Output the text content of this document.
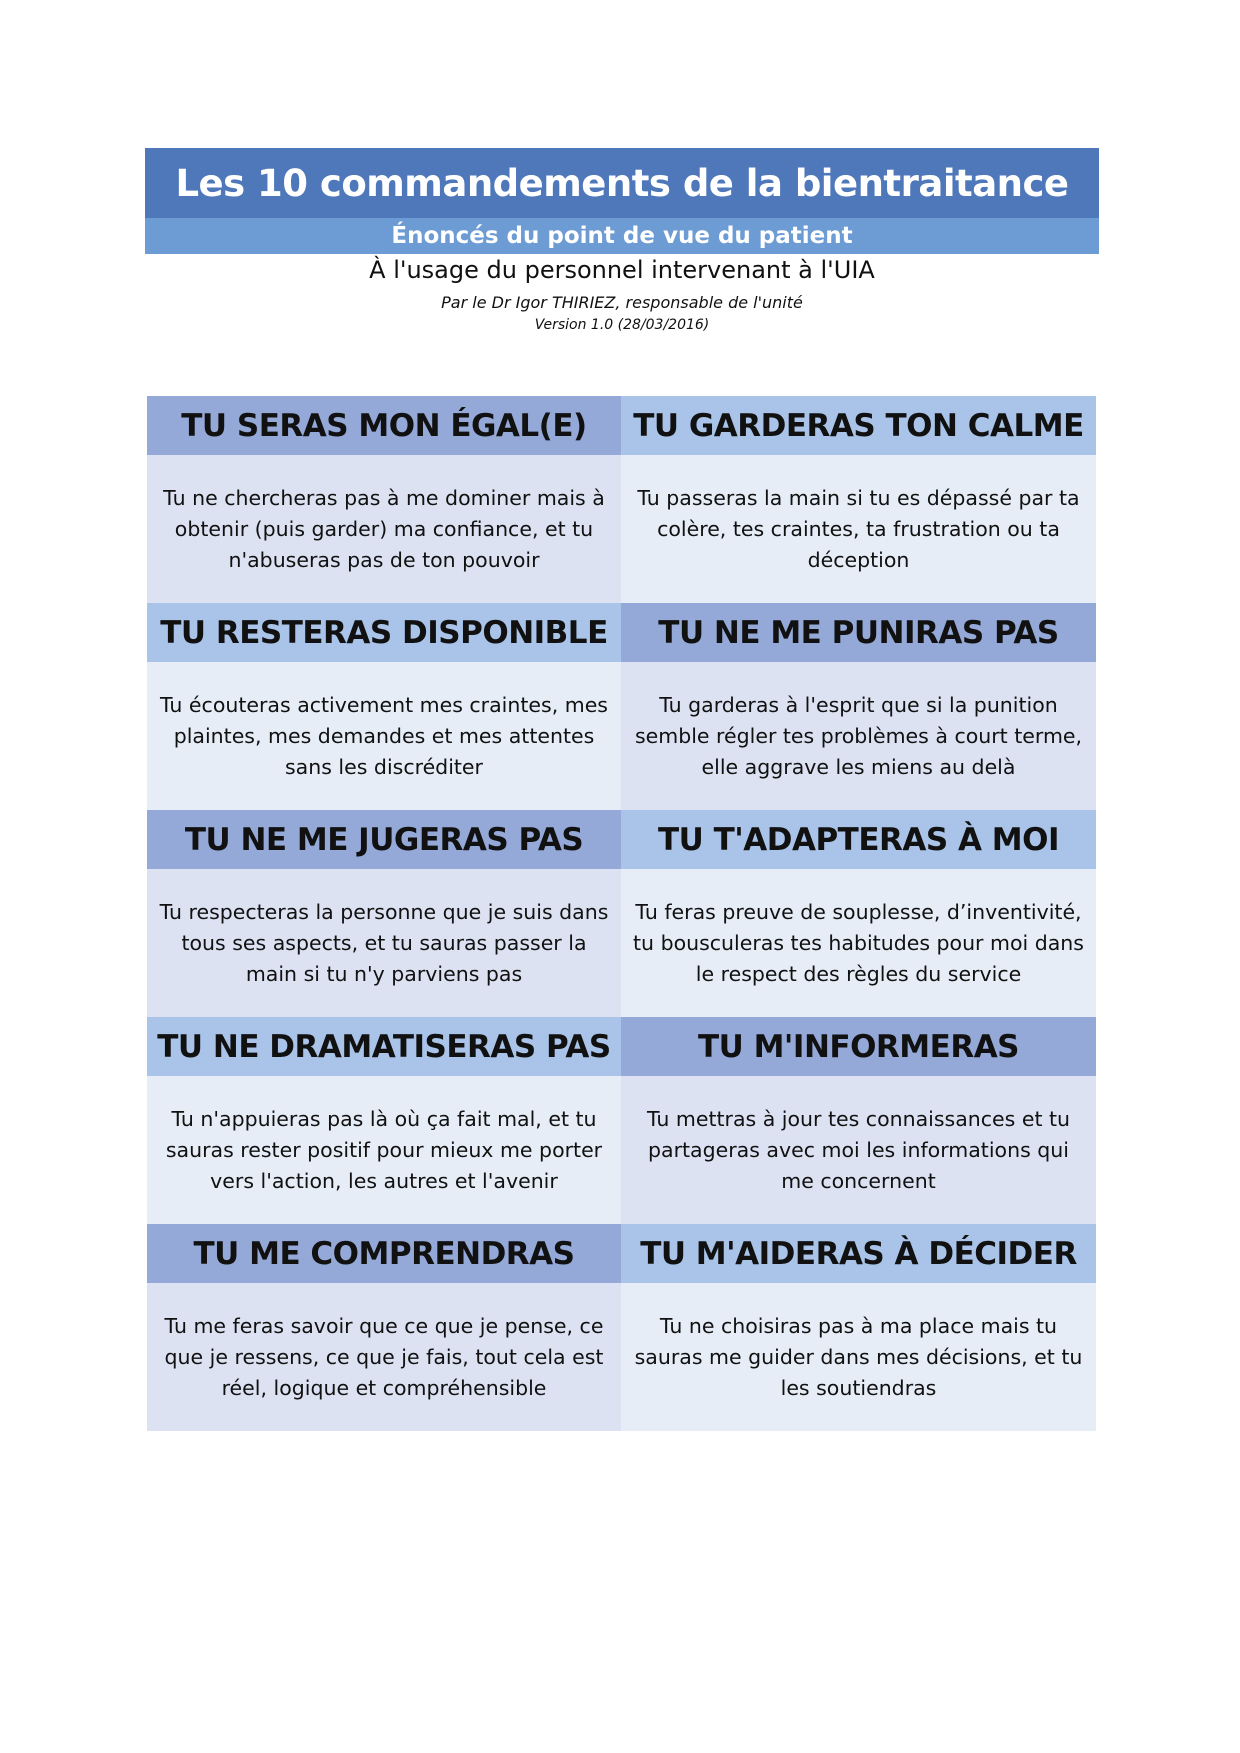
Les 10 commandements de la bientraitance
Énoncés du point de vue du patient
À l'usage du personnel intervenant à l'UIA
Par le Dr Igor THIRIEZ, responsable de l'unité
Version 1.0 (28/03/2016)
TU SERAS MON ÉGAL(E)
Tu ne chercheras pas à me dominer mais à obtenir (puis garder) ma confiance, et tu n'abuseras pas de ton pouvoir
TU GARDERAS TON CALME
Tu passeras la main si tu es dépassé par ta colère, tes craintes, ta frustration ou ta déception
TU RESTERAS DISPONIBLE
Tu écouteras activement mes craintes, mes plaintes, mes demandes et mes attentes sans les discréditer
TU NE ME PUNIRAS PAS
Tu garderas à l'esprit que si la punition semble régler tes problèmes à court terme, elle aggrave les miens au delà
TU NE ME JUGERAS PAS
Tu respecteras la personne que je suis dans tous ses aspects, et tu sauras passer la main si tu n'y parviens pas
TU T'ADAPTERAS À MOI
Tu feras preuve de souplesse, d’inventivité, tu bousculeras tes habitudes pour moi dans le respect des règles du service
TU NE DRAMATISERAS PAS
Tu n'appuieras pas là où ça fait mal, et tu sauras rester positif pour mieux me porter vers l'action, les autres et l'avenir
TU M'INFORMERAS
Tu mettras à jour tes connaissances et tu partageras avec moi les informations qui me concernent
TU ME COMPRENDRAS
Tu me feras savoir que ce que je pense, ce que je ressens, ce que je fais, tout cela est réel, logique et compréhensible
TU M'AIDERAS À DÉCIDER
Tu ne choisiras pas à ma place mais tu sauras me guider dans mes décisions, et tu les soutiendras
